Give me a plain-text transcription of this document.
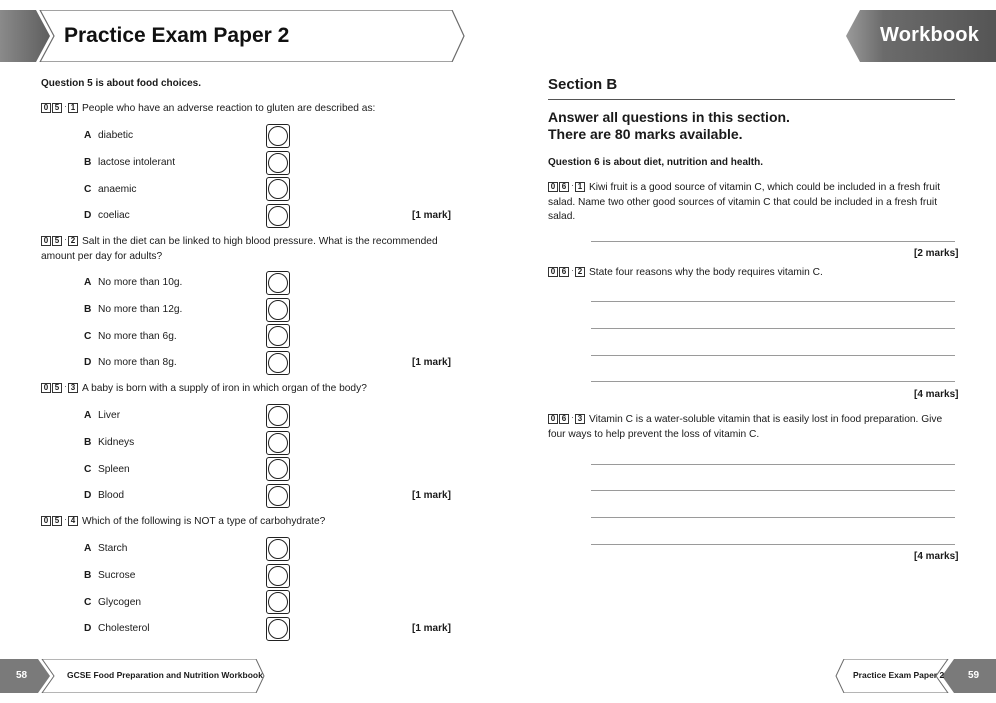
Practice Exam Paper 2
Question 5 is about food choices.
0 5 · 1 People who have an adverse reaction to gluten are described as:
A diabetic
B lactose intolerant
C anaemic
D coeliac	[1 mark]
0 5 · 2 Salt in the diet can be linked to high blood pressure. What is the recommended amount per day for adults?
A No more than 10g.
B No more than 12g.
C No more than 6g.
D No more than 8g.	[1 mark]
0 5 · 3 A baby is born with a supply of iron in which organ of the body?
A Liver
B Kidneys
C Spleen
D Blood	[1 mark]
0 5 · 4 Which of the following is NOT a type of carbohydrate?
A Starch
B Sucrose
C Glycogen
D Cholesterol	[1 mark]
58	GCSE Food Preparation and Nutrition Workbook
Workbook
Section B
Answer all questions in this section.
There are 80 marks available.
Question 6 is about diet, nutrition and health.
0 6 · 1 Kiwi fruit is a good source of vitamin C, which could be included in a fresh fruit salad. Name two other good sources of vitamin C that could be included in a fresh fruit salad.
[2 marks]
0 6 · 2 State four reasons why the body requires vitamin C.
[4 marks]
0 6 · 3 Vitamin C is a water-soluble vitamin that is easily lost in food preparation. Give four ways to help prevent the loss of vitamin C.
[4 marks]
Practice Exam Paper 2 59
